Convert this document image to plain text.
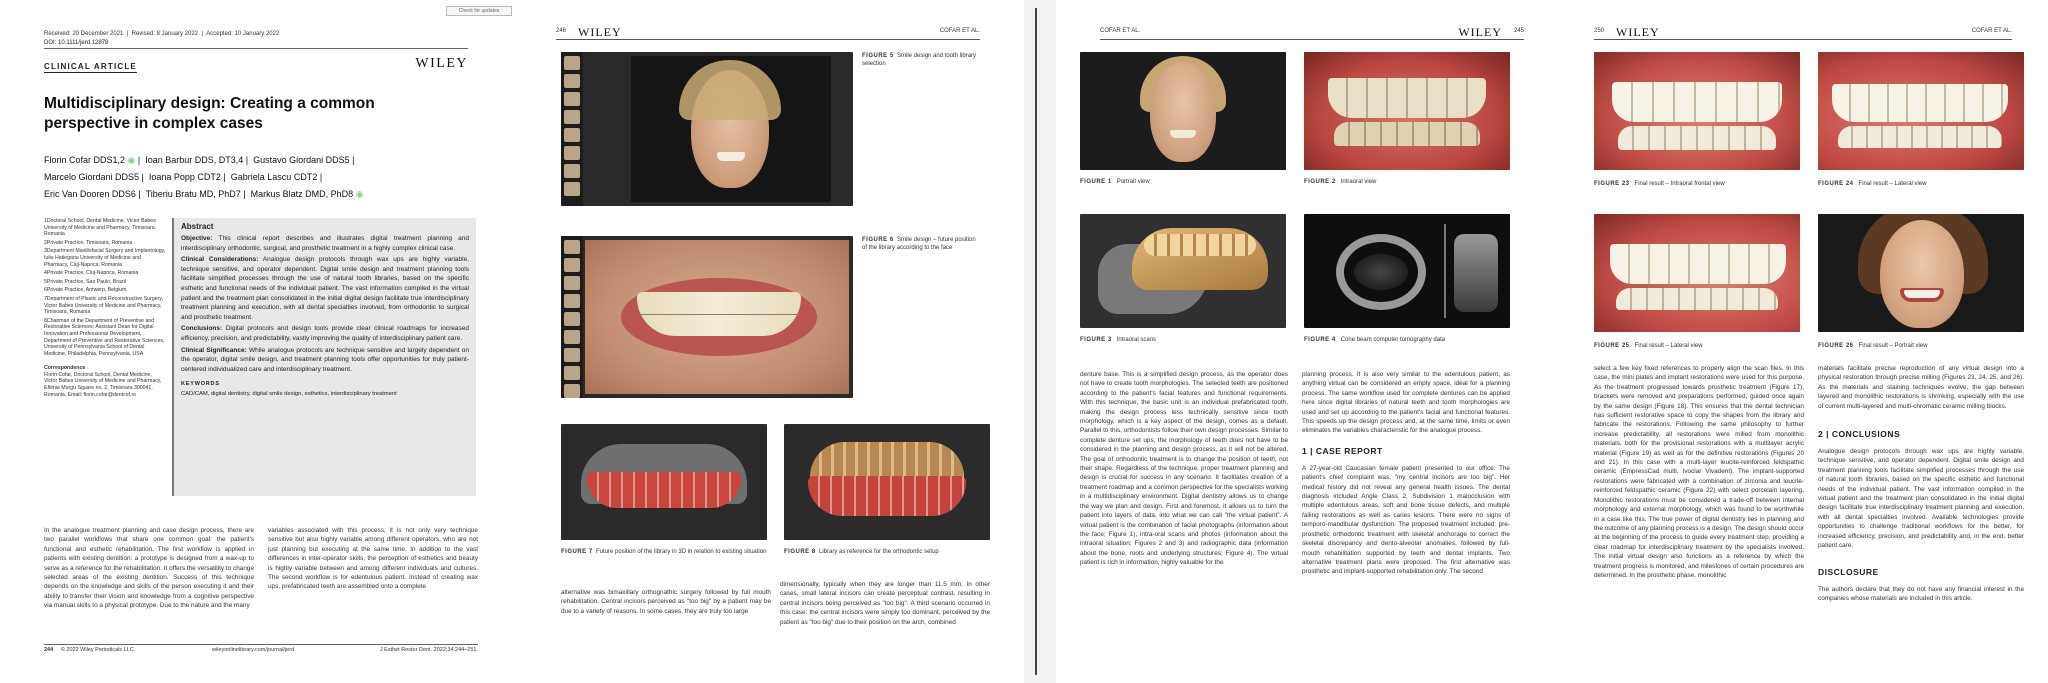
Received: 20 December 2021  |  Revised: 8 January 2022  |  Accepted: 10 January 2022
DOI: 10.1111/jerd.12878
Check for updates
CLINICAL ARTICLE	WILEY
Multidisciplinary design: Creating a common perspective in complex cases
Florin Cofar DDS1,2 ◉ |  Ioan Barbur DDS, DT3,4 |  Gustavo Giordani DDS5 |
Marcelo Giordani DDS5 |  Ioana Popp CDT2 |  Gabriela Lascu CDT2 |
Eric Van Dooren DDS6 |  Tiberiu Bratu MD, PhD7 |  Markus Blatz DMD, PhD8 ◉
1Doctoral School, Dental Medicine, Victor Babes University of Medicine and Pharmacy, Timisoara, Romania
2Private Practice, Timisoara, Romania
3Department Maxillofacial Surgery and Implantology, Iuliu Hatieganu University of Medicine and Pharmacy, Cluj-Napoca, Romania
4Private Practice, Cluj-Napoca, Romania
5Private Practice, Sao Paulo, Brazil
6Private Practice, Antwerp, Belgium
7Department of Plastic and Reconstructive Surgery, Victor Babes University of Medicine and Pharmacy, Timisoara, Romania
8Chairman of the Department of Preventive and Restorative Sciences; Assistant Dean for Digital Innovation and Professional Development, Department of Preventive and Restorative Sciences, University of Pennsylvania School of Dental Medicine, Philadelphia, Pennsylvania, USA
Correspondence
Florin Cofar, Doctoral School, Dental Medicine, Victor Babes University of Medicine and Pharmacy, Eftimie Murgu Square no. 2, Timisoara 300041, Romania. Email: florin.cofar@dentcof.ro
Abstract

Objective: This clinical report describes and illustrates digital treatment planning and interdisciplinary orthodontic, surgical, and prosthetic treatment in a highly complex clinical case.

Clinical Considerations: Analogue design protocols through wax ups are highly variable, technique sensitive, and operator dependent. Digital smile design and treatment planning tools facilitate simplified processes through the use of natural tooth libraries, based on the specific esthetic and functional needs of the individual patient. The vast information compiled in the virtual patient and the treatment plan consolidated in the initial digital design facilitate true interdisciplinary treatment planning and execution, with all dental specialties involved, from orthodontic to surgical and prosthetic treatment.

Conclusions: Digital protocols and design tools provide clear clinical roadmaps for increased efficiency, precision, and predictability, vastly improving the quality of interdisciplinary patient care.

Clinical Significance: While analogue protocols are technique sensitive and largely dependent on the operator, digital smile design, and treatment planning tools offer opportunities for truly patient-centered individualized care and interdisciplinary treatment.

KEYWORDS
CAD/CAM, digital dentistry, digital smile design, esthetics, interdisciplinary treatment
In the analogue treatment planning and case design process, there are two parallel workflows that share one common goal: the patient's functional and esthetic rehabilitation. The first workflow is applied in patients with existing dentition: a prototype is designed from a wax-up to serve as a reference for the rehabilitation. It offers the versatility to change selected areas of the existing dentition. Success of this technique depends on the knowledge and skills of the person executing it and their ability to transfer their vision and knowledge from a cognitive perspective via manual skills to a physical prototype. Due to the nature and the many
variables associated with this process, it is not only very technique sensitive but also highly variable among different operators, who are not just planning but executing at the same time. In addition to the vast differences in inter-operator skills, the perception of esthetics and beauty is highly variable between and among different individuals and cultures. The second workflow is for edentulous patient. Instead of creating wax ups, prefabricated teeth are assembled onto a complete
244 © 2022 Wiley Periodicals LLC.	wileyonlinelibrary.com/journal/jerd	J Esthet Restor Dent. 2022;34:244–251.
246 WILEY	COFAR ET AL.
FIGURE 5 Smile design and tooth library selection
FIGURE 6 Smile design – future position of the library according to the face
FIGURE 7 Future position of the library in 3D in relation to existing situation	FIGURE 8 Library as reference for the orthodontic setup
alternative was bimaxillary orthognathic surgery followed by full mouth rehabilitation. Central incisors perceived as "too big" by a patient may be due to a variety of reasons. In some cases, they are truly too large
dimensionally, typically when they are longer than 11.5 mm. In other cases, small lateral incisors can create perceptual contrast, resulting in central incisors being perceived as "too big". A third scenario occurred in this case: the central incisors were simply too dominant, perceived by the patient as "too big" due to their position on the arch, combined
COFAR ET AL.	WILEY 245
FIGURE 1 Portrait view	FIGURE 2 Intraoral view
FIGURE 3 Intraoral scans	FIGURE 4 Cone beam computer tomography data
denture base. This is a simplified design process, as the operator does not have to create tooth morphologies. The selected teeth are positioned according to the patient's facial features and functional requirements. With this technique, the basic unit is an individual prefabricated tooth, making the design process less technically sensitive since tooth morphology, which is a key aspect of the design, comes as a default. Parallel to this, orthodontists follow their own design processes. Similar to complete denture set ups, the morphology of teeth does not have to be considered in the planning and design process, as it will not be altered. The goal of orthodontic treatment is to change the position of teeth, not their shape. Regardless of the technique, proper treatment planning and design is crucial for success in any scenario. It facilitates creation of a treatment roadmap and a common perspective for the specialists working in a multidisciplinary environment. Digital dentistry allows us to change the way we plan and design. First and foremost, it allows us to turn the patient into layers of data, into what we can call "the virtual patient". A virtual patient is the combination of facial photographs (information about the face; Figure 1), intra-oral scans and photos (information about the intraoral situation; Figures 2 and 3) and radiographic data (information about the bone, roots and underlying structures; Figure 4). The virtual patient is rich in information, highly valuable for the
planning process. It is also very similar to the edentulous patient, as anything virtual can be considered an empty space, ideal for a planning process. The same workflow used for complete dentures can be applied here since digital libraries of natural teeth and tooth morphologies are used and set up according to the patient's facial and functional features. This speeds up the design process and, at the same time, limits or even eliminates the variables characteristic for the analogue process.
1 | CASE REPORT
A 27-year-old Caucasian female patient presented to our office. The patient's chief complaint was, "my central incisors are too big". Her medical history did not reveal any general health issues. The dental diagnosis included Angle Class 2, Subdivision 1 malocclusion with multiple edentulous areas, soft and bone tissue defects, and multiple failing restorations as well as caries lesions. There were no signs of temporo-mandibular dysfunction. The proposed treatment included: pre-prosthetic orthodontic treatment with skeletal anchorage to correct the skeletal discrepancy and dento-alveolar anomalies, followed by full-mouth rehabilitation supported by teeth and dental implants. Two alternative treatment plans were proposed. The first alternative was prosthetic and implant-supported rehabilitation only. The second
250 WILEY	COFAR ET AL.
FIGURE 23 Final result – Intraoral frontal view	FIGURE 24 Final result – Lateral view
FIGURE 25 Final result – Lateral view	FIGURE 26 Final result – Portrait view
select a few key fixed references to properly align the scan files. In this case, the mini plates and implant restorations were used for this purpose. As the treatment progressed towards prosthetic treatment (Figure 17), brackets were removed and preparations performed, guided once again by the same design (Figure 18). This ensures that the dental technician has sufficient restorative space to copy the shapes from the library and fabricate the restorations. Following the same philosophy to further increase predictability, all restorations were milled from monolithic materials, both for the provisional restorations with a multilayer acrylic material (Figure 19) as well as for the definitive restorations (Figures 20 and 21). In this case with a multi-layer leucite-reinforced feldspathic ceramic (EmpressCad multi, Ivoclar Vivadent). The implant-supported restorations were fabricated with a combination of zirconia and leucite-reinforced feldspathic ceramic (Figure 22) with select porcelain layering. Monolithic restorations must be considered a trade-off between internal morphology and external morphology, which was found to be worthwhile in a case like this. The true power of digital dentistry lies in planning and the outcome of any planning process is a design. The design should occur at the beginning of the process to guide every treatment step, providing a clear roadmap for interdisciplinary treatment by the specialists involved. The initial virtual design also functions as a reference by which the treatment progress is monitored, and milestones of certain procedures are determined. In the prosthetic phase, monolithic
materials facilitate precise reproduction of any virtual design into a physical restoration through precise milling (Figures 23, 24, 25, and 26). As the materials and staining techniques evolve, the gap between layered and monolithic restorations is shrinking, especially with the use of current multi-layered and multi-chromatic ceramic milling blocks.
2 | CONCLUSIONS
Analogue design protocols through wax ups are highly variable, technique sensitive, and operator dependent. Digital smile design and treatment planning tools facilitate simplified processes through the use of natural tooth libraries, based on the specific esthetic and functional needs of the individual patient. The vast information compiled in the virtual patient and the treatment plan consolidated in the initial digital design facilitate true interdisciplinary treatment planning and execution, with all dental specialties involved. Available technologies provide opportunities to challenge traditional workflows for the better, for increased efficiency, precision, and predictability and, in the end, better patient care.
DISCLOSURE
The authors declare that they do not have any financial interest in the companies whose materials are included in this article.
